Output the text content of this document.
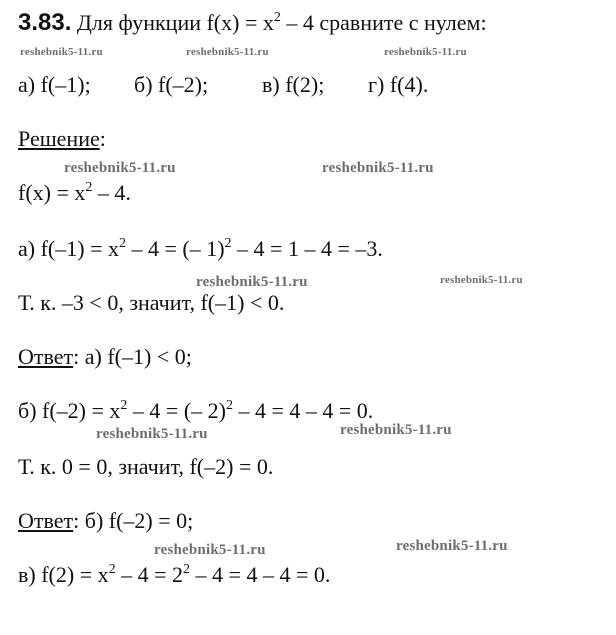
3.83. Для функции $f(x) = x^2 - 4$ сравните с нулем:
а) f(–1); б) f(–2); в) f(2); г) f(4).
Решение:
$f(x) = x^2 - 4$.
а) $f(-1) = x^2 - 4$ = (– 1)$^2$ – 4 = 1 – 4 = –3.
Т. к. –3 < 0, значит, f(–1) < 0.
Ответ: а) f(–1) < 0;
б) $f(-2) = x^2 - 4$ = (– 2)$^2$ – 4 = 4 – 4 = 0.
Т. к. 0 = 0, значит, f(–2) = 0.
Ответ: б) f(–2) = 0;
в) $f(2) = x^2 - 4 = 2^2 - 4 = 4 - 4 = 0$.
reshebnik5-11.ru	reshebnik5-11.ru	reshebnik5-11.ru
reshebnik5-11.ru	reshebnik5-11.ru
reshebnik5-11.ru	reshebnik5-11.ru
reshebnik5-11.ru	reshebnik5-11.ru
reshebnik5-11.ru	reshebnik5-11.ru
